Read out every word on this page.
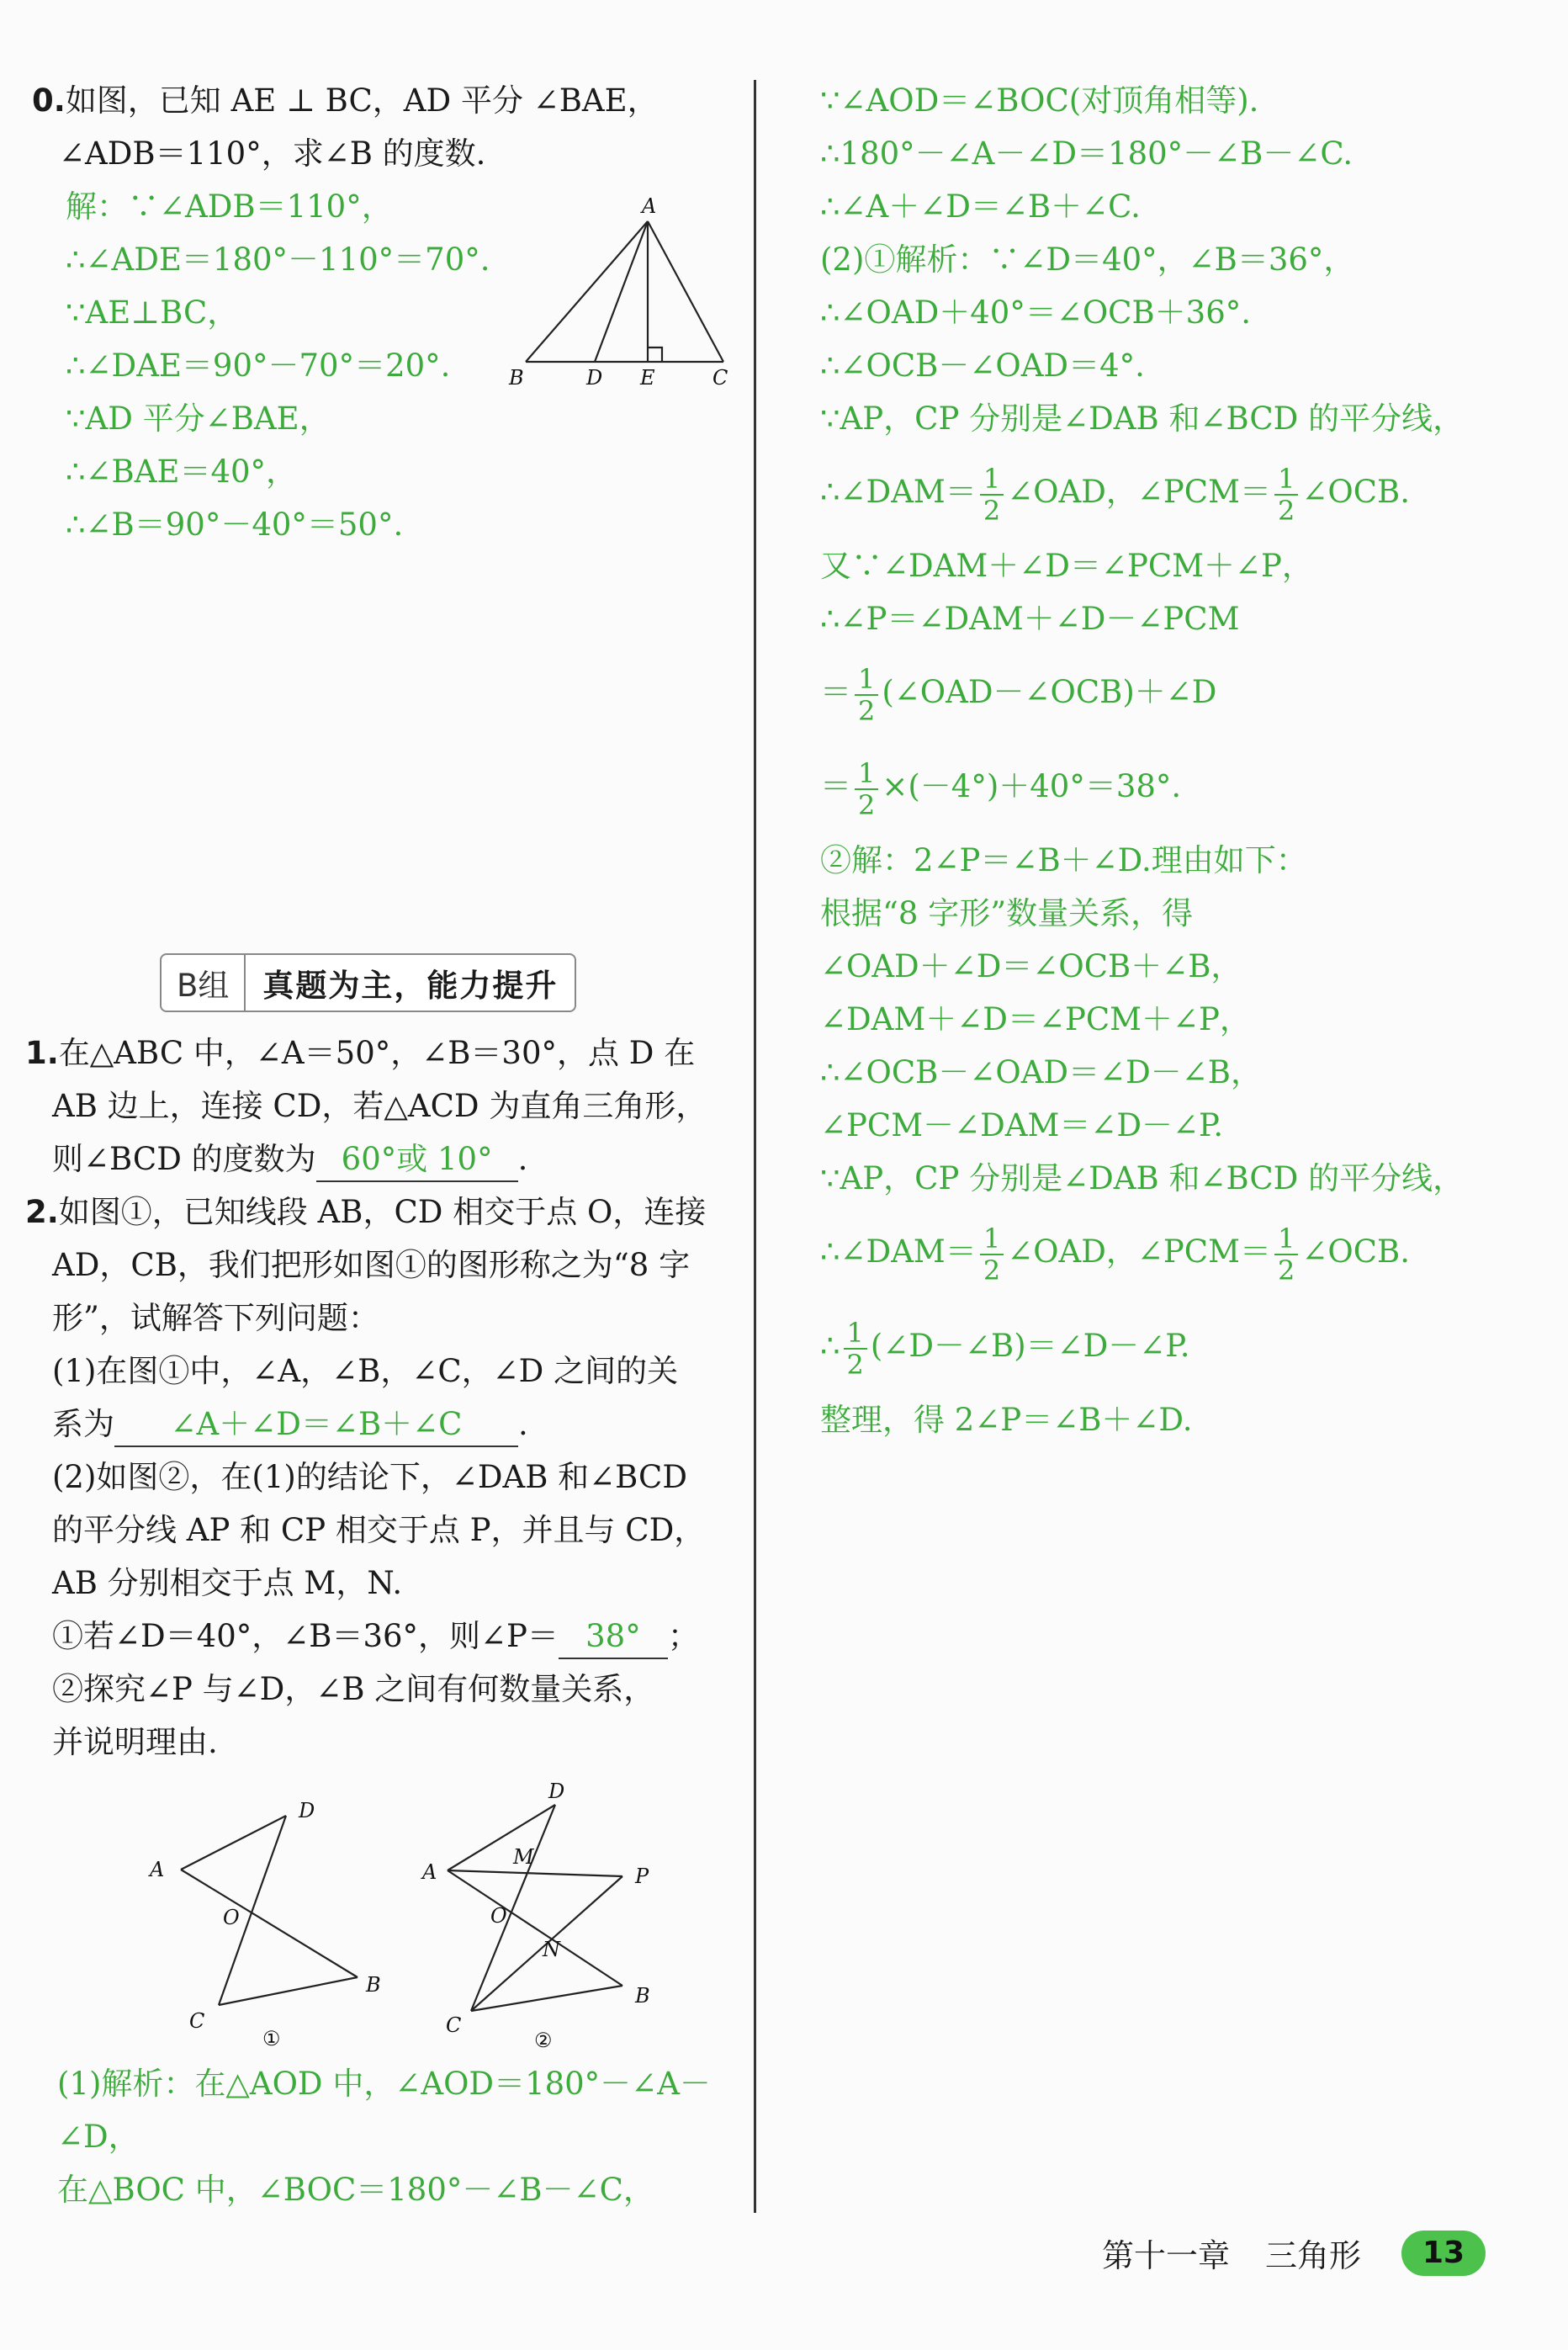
0.如图，已知 AE ⊥ BC，AD 平分 ∠BAE，
∠ADB＝110°，求∠B 的度数.
解：∵∠ADB＝110°，
∴∠ADE＝180°－110°＝70°.
∵AE⊥BC，
∴∠DAE＝90°－70°＝20°.
∵AD 平分∠BAE，
∴∠BAE＝40°，
∴∠B＝90°－40°＝50°.
A
B	D E	C
B组	真题为主，能力提升
1.在△ABC 中，∠A＝50°，∠B＝30°，点 D 在
AB 边上，连接 CD，若△ACD 为直角三角形，
则∠BCD 的度数为 60°或 10° .
2.如图①，已知线段 AB，CD 相交于点 O，连接
AD，CB，我们把形如图①的图形称之为“8 字
形”，试解答下列问题：
(1)在图①中，∠A，∠B，∠C，∠D 之间的关
系为 ∠A＋∠D＝∠B＋∠C .
(2)如图②，在(1)的结论下，∠DAB 和∠BCD
的平分线 AP 和 CP 相交于点 P，并且与 CD，
AB 分别相交于点 M，N.
①若∠D＝40°，∠B＝36°，则∠P＝ 38° ；
②探究∠P 与∠D，∠B 之间有何数量关系，
并说明理由.
A
D
O
C
B
①
A
D
M
P
O
N
C
B
②
(1)解析：在△AOD 中，∠AOD＝180°－∠A－
∠D，
在△BOC 中，∠BOC＝180°－∠B－∠C，
∵∠AOD＝∠BOC(对顶角相等).
∴180°－∠A－∠D＝180°－∠B－∠C.
∴∠A＋∠D＝∠B＋∠C.
(2)①解析：∵∠D＝40°，∠B＝36°，
∴∠OAD＋40°＝∠OCB＋36°.
∴∠OCB－∠OAD＝4°.
∵AP，CP 分别是∠DAB 和∠BCD 的平分线，
∴∠DAM＝ $\frac{1}{2}$ ∠OAD，∠PCM＝ $\frac{1}{2}$ ∠OCB.
又∵∠DAM＋∠D＝∠PCM＋∠P，
∴∠P＝∠DAM＋∠D－∠PCM
＝ $\frac{1}{2}$ (∠OAD－∠OCB)＋∠D
＝ $\frac{1}{2} \times(-4^\circ)+40^\circ=38^\circ$.
②解：2∠P＝∠B＋∠D.理由如下：
根据“8 字形”数量关系，得
∠OAD＋∠D＝∠OCB＋∠B，
∠DAM＋∠D＝∠PCM＋∠P，
∴∠OCB－∠OAD＝∠D－∠B，
∠PCM－∠DAM＝∠D－∠P.
∵AP，CP 分别是∠DAB 和∠BCD 的平分线，
∴∠DAM＝ $\frac{1}{2}$ ∠OAD，∠PCM＝ $\frac{1}{2}$ ∠OCB.
∴ $\frac{1}{2}$ (∠D－∠B)＝∠D－∠P.
整理，得 2∠P＝∠B＋∠D.
第十一章 三角形	13
